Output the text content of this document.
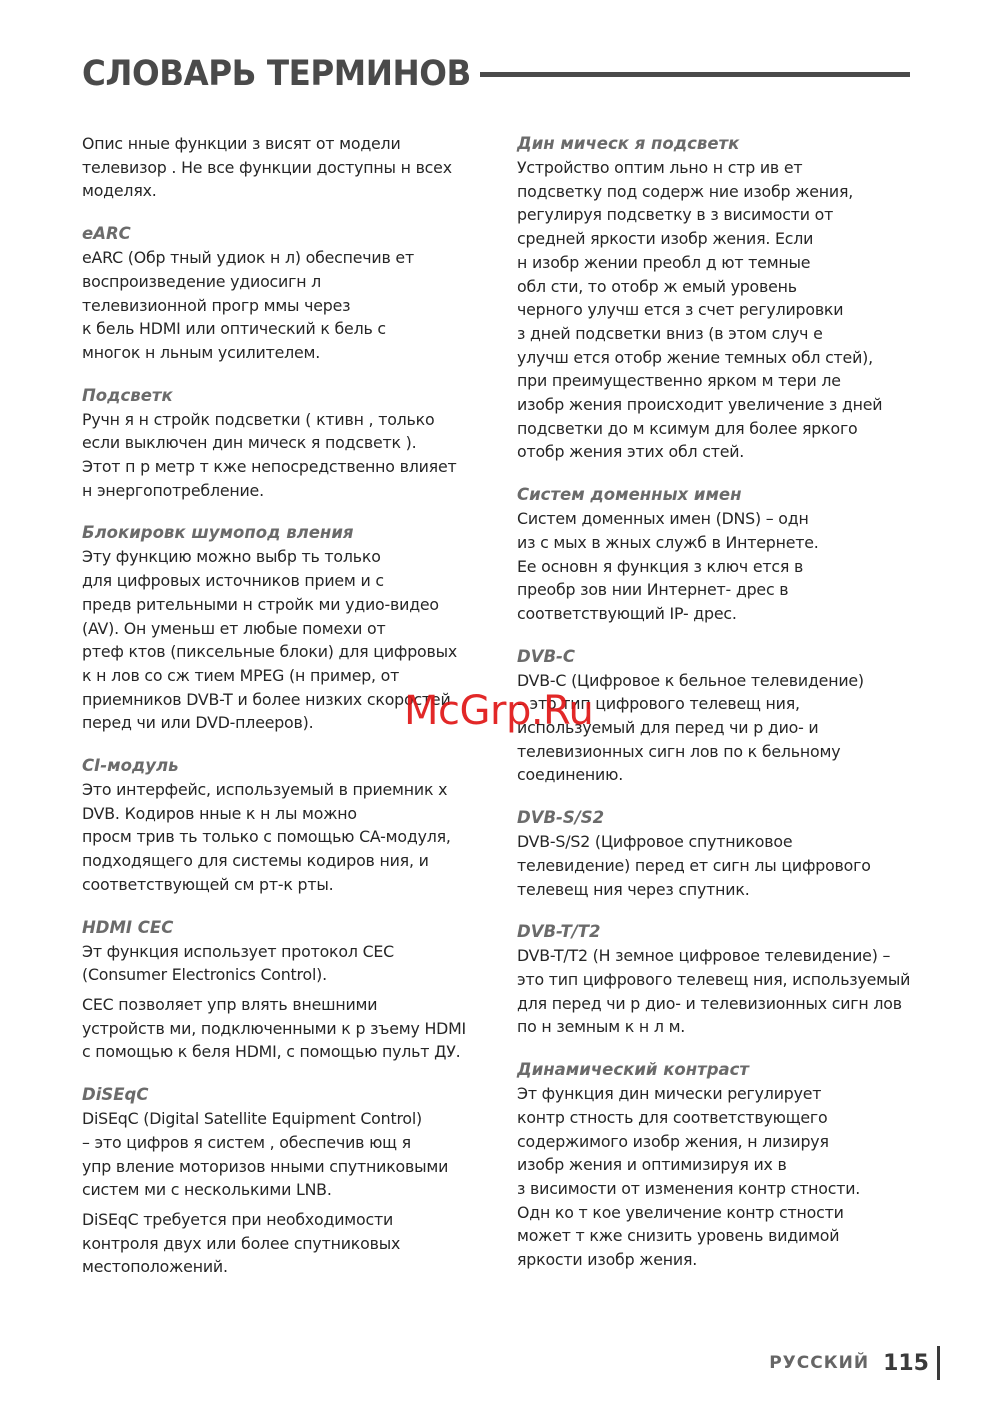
СЛОВАРЬ ТЕРМИНОВ

Опис нные функции з висят от модели
телевизор . Не все функции доступны н всех
моделях.

eARC

eARC (Обр тный удиок н л) обеспечив ет
воспроизведение удиосигн л
телевизионной прогр ммы через
к бель HDMI или оптический к бель с
многок н льным усилителем.

Подсветк

Ручн я н стройк подсветки ( ктивн , только
если выключен дин мическ я подсветк ).
Этот п р метр т кже непосредственно влияет
н энергопотребление.

Блокировк шумопод вления

Эту функцию можно выбр ть только
для цифровых источников прием и с
предв рительными н стройк ми удио-видео
(AV). Он уменьш ет любые помехи от
ртеф ктов (пиксельные блоки) для цифровых
к н лов со сж тием MPEG (н пример, от
приемников DVB-T и более низких скоростей
перед чи или DVD-плееров).

CI-модуль

Это интерфейс, используемый в приемник х
DVB. Кодиров нные к н лы можно
просм трив ть только с помощью CA-модуля,
подходящего для системы кодиров ния, и
соответствующей см рт-к рты.

HDMI CEC

Эт функция использует протокол CEC
(Consumer Electronics Control).

CEC позволяет упр влять внешними
устройств ми, подключенными к р зъему HDMI
с помощью к беля HDMI, с помощью пульт ДУ.

DiSEqC

DiSEqC (Digital Satellite Equipment Control)
– это цифров я систем , обеспечив ющ я
упр вление моторизов нными спутниковыми
систем ми с несколькими LNB.

DiSEqC требуется при необходимости
контроля двух или более спутниковых
местоположений.

Дин мическ я подсветк

Устройство оптим льно н стр ив ет
подсветку под содерж ние изобр жения,
регулируя подсветку в з висимости от
средней яркости изобр жения. Если
н изобр жении преобл д ют темные
обл сти, то отобр ж емый уровень
черного улучш ется з счет регулировки
з дней подсветки вниз (в этом случ е
улучш ется отобр жение темных обл стей),
при преимущественно ярком м тери ле
изобр жения происходит увеличение з дней
подсветки до м ксимум для более яркого
отобр жения этих обл стей.

Систем доменных имен

Систем доменных имен (DNS) – одн
из с мых в жных служб в Интернете.
Ее основн я функция з ключ ется в
преобр зов нии Интернет- дрес в
соответствующий IP- дрес.

DVB-C

DVB-C (Цифровое к бельное телевидение)
– это тип цифрового телевещ ния,
используемый для перед чи р дио- и
телевизионных сигн лов по к бельному
соединению.

DVB-S/S2

DVB-S/S2 (Цифровое спутниковое
телевидение) перед ет сигн лы цифрового
телевещ ния через спутник.

DVB-T/T2

DVB-T/T2 (Н земное цифровое телевидение) –
это тип цифрового телевещ ния, используемый
для перед чи р дио- и телевизионных сигн лов
по н земным к н л м.

Динамический контраст

Эт функция дин мически регулирует
контр стность для соответствующего
содержимого изобр жения, н лизируя
изобр жения и оптимизируя их в
з висимости от изменения контр стности.
Одн ко т кое увеличение контр стности
может т кже снизить уровень видимой
яркости изобр жения.

McGrp.Ru
РУССКИЙ 115
